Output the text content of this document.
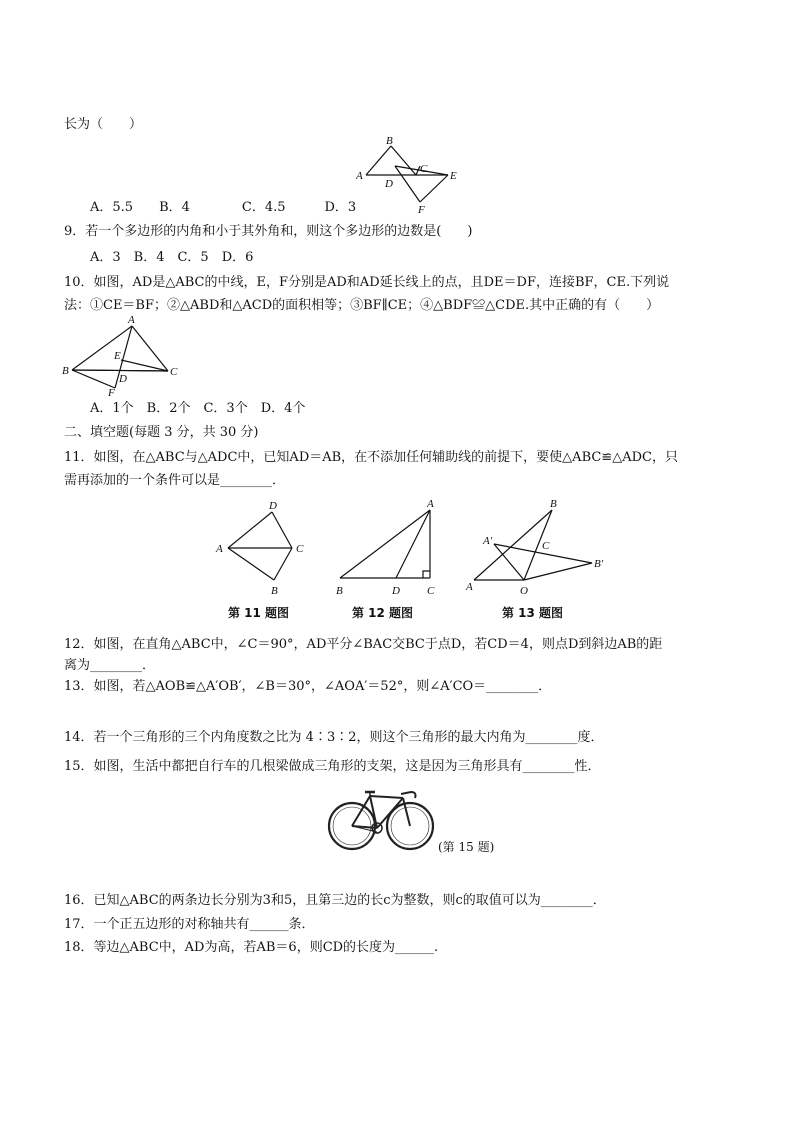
长为（　　）
B
A
C
D
E
F
A．5.5　　B．4　　　　C．4.5　　　D．3
9．若一个多边形的内角和小于其外角和，则这个多边形的边数是(　　)
A．3　B．4　C．5　D．6
10．如图，AD是△ABC的中线，E，F分别是AD和AD延长线上的点，且DE＝DF，连接BF，CE.下列说
法：①CE＝BF；②△ABD和△ACD的面积相等；③BF∥CE；④△BDF≌△CDE.其中正确的有（　　）
A
B	C
E
D
F
A．1个　B．2个　C．3个　D．4个
二、填空题(每题 3 分，共 30 分)
11．如图，在△ABC与△ADC中，已知AD＝AB，在不添加任何辅助线的前提下，要使△ABC≌△ADC，只
需再添加的一个条件可以是________．
D
A	C
B
第 11 题图
A
B	D C
第 12 题图
B
A′	C
B′
A	O
第 13 题图
12．如图，在直角△ABC中，∠C＝90°，AD平分∠BAC交BC于点D，若CD＝4，则点D到斜边AB的距
离为________．
13．如图，若△AOB≌△A′OB′，∠B＝30°，∠AOA′＝52°，则∠A′CO＝________．
14．若一个三角形的三个内角度数之比为 4∶3∶2，则这个三角形的最大内角为________度．
15．如图，生活中都把自行车的几根梁做成三角形的支架，这是因为三角形具有________性．
(第 15 题)
16．已知△ABC的两条边长分别为3和5，且第三边的长c为整数，则c的取值可以为________．
17．一个正五边形的对称轴共有______条．
18．等边△ABC中，AD为高，若AB＝6，则CD的长度为______.
